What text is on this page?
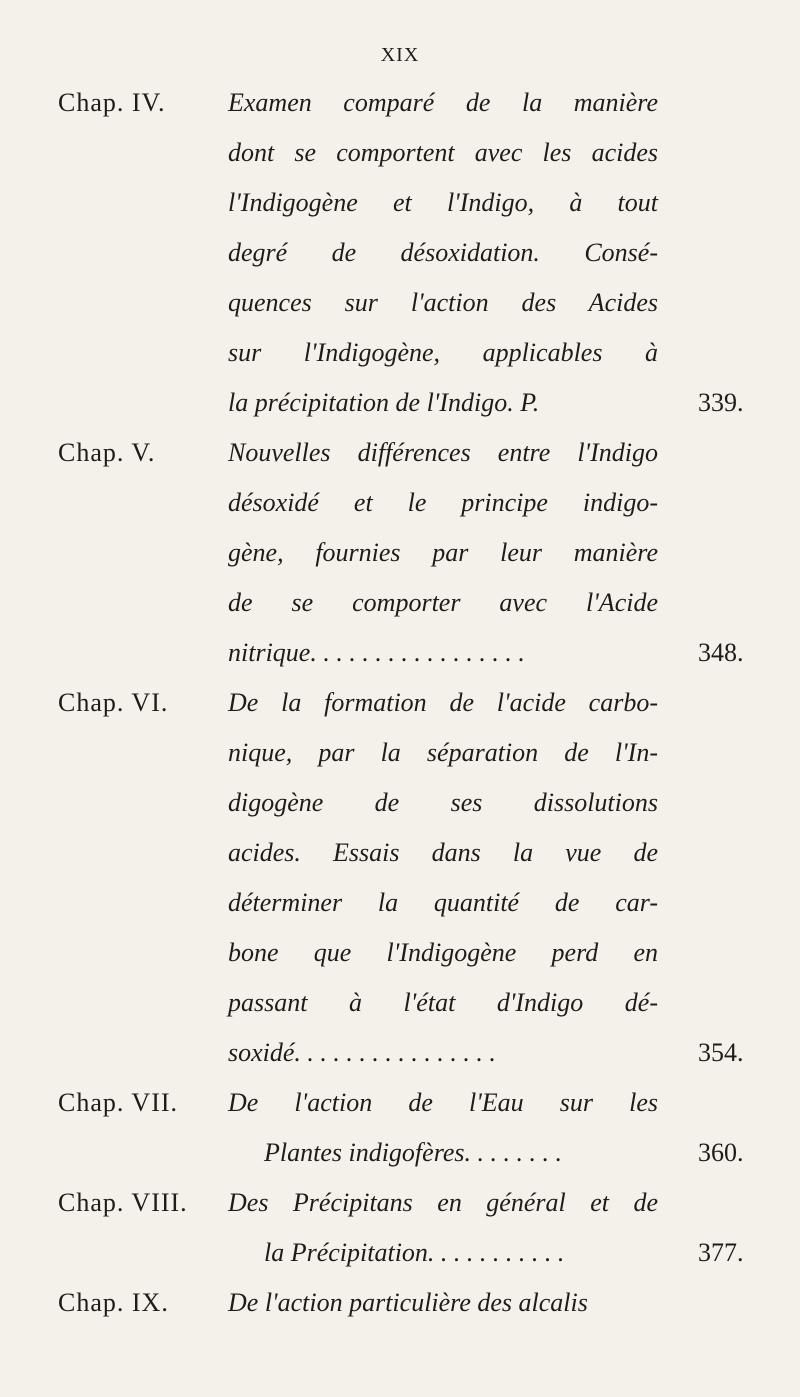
XIX
Chap. IV. Examen comparé de la manière
dont se comportent avec les acides
l'Indigogène et l'Indigo, à tout
degré de désoxidation. Consé-
quences sur l'action des Acides
sur l'Indigogène, applicables à
la précipitation de l'Indigo. P.	339.
Chap. V.	Nouvelles différences entre l'Indigo
désoxidé et le principe indigo-
gène, fournies par leur manière
de se comporter avec l'Acide
nitrique. . . . . . . . . . . . . . . . .	348.
Chap. VI. De la formation de l'acide carbo-
nique, par la séparation de l'In-
digogène de ses dissolutions
acides. Essais dans la vue de
déterminer la quantité de car-
bone que l'Indigogène perd en
passant à l'état d'Indigo dé-
soxidé. . . . . . . . . . . . . . . .	354.
Chap. VII. De l'action de l'Eau sur les
Plantes indigofères. . . . . . . .	360.
Chap. VIII. Des Précipitans en général et de
la Précipitation. . . . . . . . . . .	377.
Chap. IX. De l'action particulière des alcalis
